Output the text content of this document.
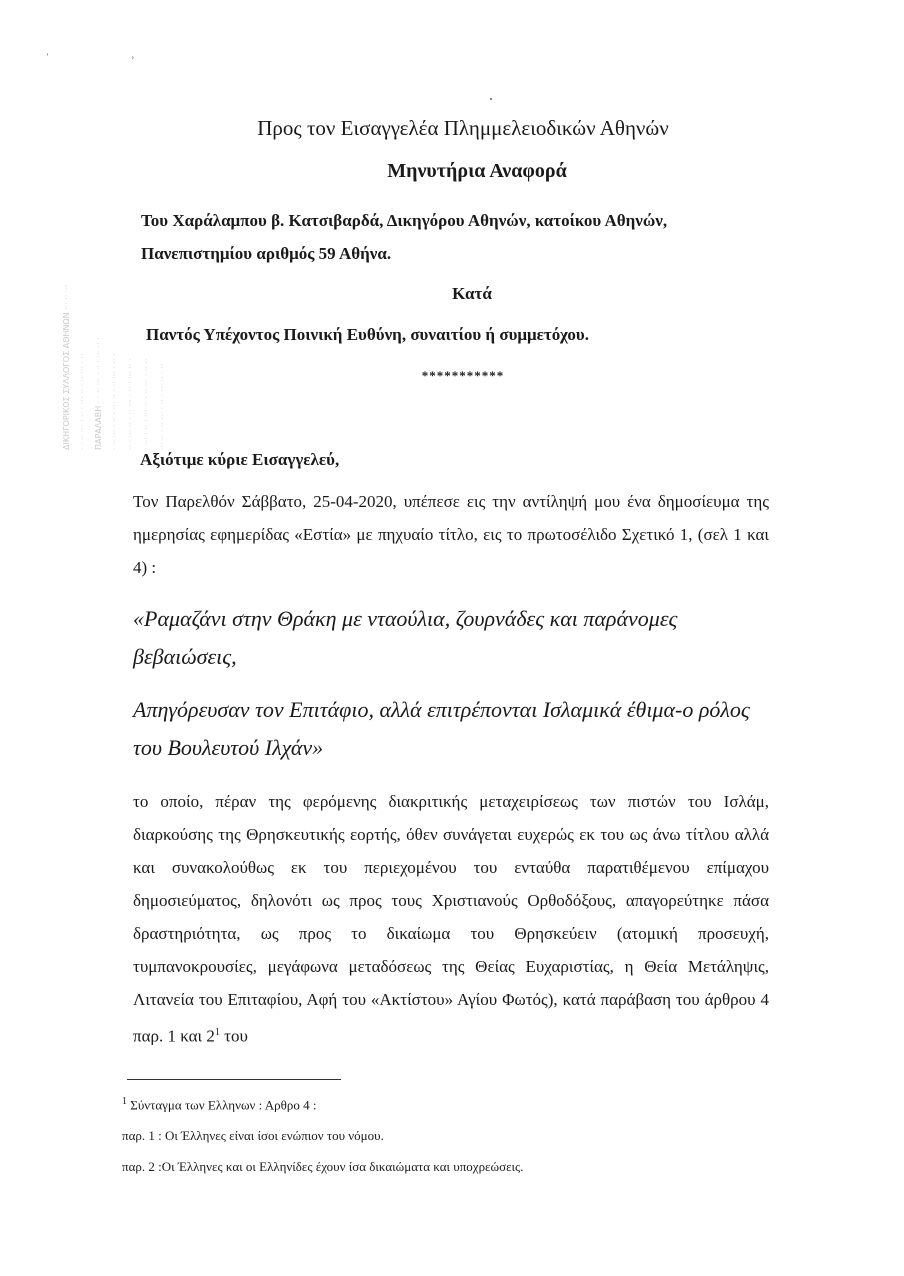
’ ›
ΔΙΚΗΓΟΡΙΚΟΣ ΣΥΛΛΟΓΟΣ ΑΘΗΝΩΝ ··· ·· ··· · · ·· ··· · ·· · ··· ·· · ·· ··· · ·· ΠΑΡΑΛΑΒΗ · · ·· ··· · ·· · ··· ·· · · ·· ··· · ·· · ··· ·· · ·· ··· · ·· · ·· · ··· ·· · ·· ··· · ·· · ··· ·· · · ··· · ·· · ··· ·· · ·· ··· · ·· ·· ··· ·· · ·· ··· · ·· · ··· ·· · ··
Προς τον Εισαγγελέα Πλημμελειοδικών Αθηνών
Μηνυτήρια Αναφορά
Του Χαράλαμπου β. Κατσιβαρδά, Δικηγόρου Αθηνών, κατοίκου Αθηνών, Πανεπιστημίου αριθμός 59 Αθήνα.
Κατά
Παντός Υπέχοντος Ποινική Ευθύνη, συναιτίου ή συμμετόχου.
***********
Αξιότιμε κύριε Εισαγγελεύ,
Τον Παρελθόν Σάββατο, 25-04-2020, υπέπεσε εις την αντίληψή μου ένα δημοσίευμα της ημερησίας εφημερίδας «Εστία» με πηχυαίο τίτλο, εις το πρωτοσέλιδο Σχετικό 1, (σελ 1 και 4) :
«Ραμαζάνι στην Θράκη με νταούλια, ζουρνάδες και παράνομες βεβαιώσεις,
Απηγόρευσαν τον Επιτάφιο, αλλά επιτρέπονται Ισλαμικά έθιμα-ο ρόλος του Βουλευτού Ιλχάν»
το οποίο, πέραν της φερόμενης διακριτικής μεταχειρίσεως των πιστών του Ισλάμ, διαρκούσης της Θρησκευτικής εορτής, όθεν συνάγεται ευχερώς εκ του ως άνω τίτλου αλλά και συνακολούθως εκ του περιεχομένου του ενταύθα παρατιθέμενου επίμαχου δημοσιεύματος, δηλονότι ως προς τους Χριστιανούς Ορθοδόξους, απαγορεύτηκε πάσα δραστηριότητα, ως προς το δικαίωμα του Θρησκεύειν (ατομική προσευχή, τυμπανοκρουσίες, μεγάφωνα μεταδόσεως της Θείας Ευχαριστίας, η Θεία Μετάληψις, Λιτανεία του Επιταφίου, Αφή του «Ακτίστου» Αγίου Φωτός), κατά παράβαση του άρθρου 4 παρ. 1 και $2^1$ του
$^1$ Σύνταγμα των Ελληνων : Αρθρο 4 :
παρ. 1 : Οι Έλληνες είναι ίσοι ενώπιον του νόμου.
παρ. 2 :Οι Έλληνες και οι Ελληνίδες έχουν ίσα δικαιώματα και υποχρεώσεις.
